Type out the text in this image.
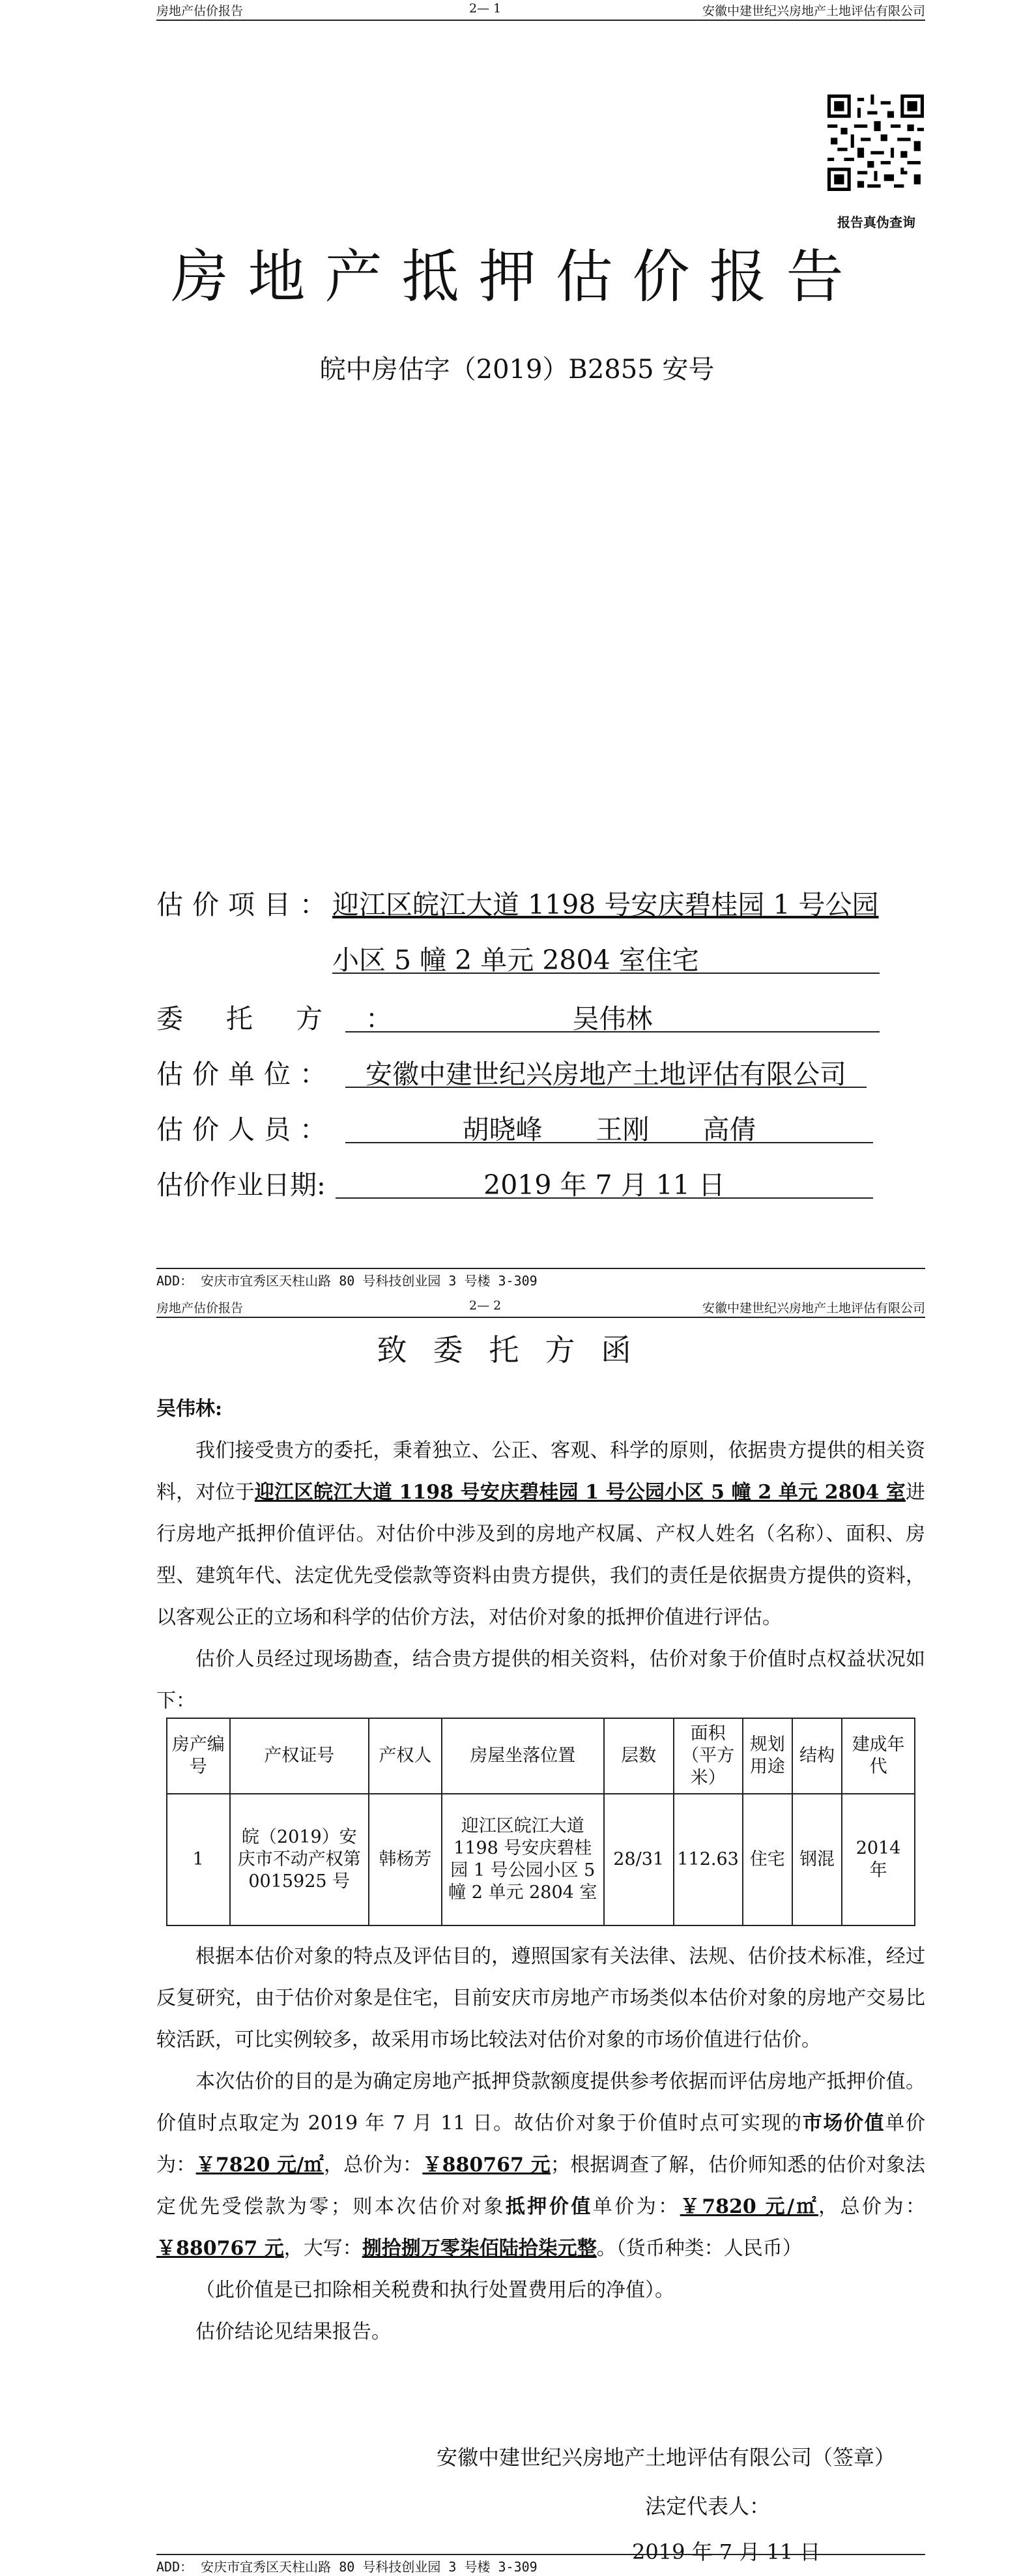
房地产估价报告	2— 1	安徽中建世纪兴房地产土地评估有限公司
报告真伪查询
房地产抵押估价报告
皖中房估字（2019）B2855 安号
估价项目：
迎江区皖江大道 1198 号安庆碧桂园 1 号公园
小区 5 幢 2 单元 2804 室住宅
委托方：	吴伟林
估价单位：	安徽中建世纪兴房地产土地评估有限公司
估价人员：	胡晓峰　　王刚　　高倩
估价作业日期:	2019 年 7 月 11 日
ADD： 安庆市宜秀区天柱山路 80 号科技创业园 3 号楼 3-309
房地产估价报告	2— 2	安徽中建世纪兴房地产土地评估有限公司
致委托方函
吴伟林:

我们接受贵方的委托，秉着独立、公正、客观、科学的原则，依据贵方提供的相关资料，对位于迎江区皖江大道 1198 号安庆碧桂园 1 号公园小区 5 幢 2 单元 2804 室进行房地产抵押价值评估。对估价中涉及到的房地产权属、产权人姓名（名称）、面积、房型、建筑年代、法定优先受偿款等资料由贵方提供，我们的责任是依据贵方提供的资料，以客观公正的立场和科学的估价方法，对估价对象的抵押价值进行评估。

估价人员经过现场勘查，结合贵方提供的相关资料，估价对象于价值时点权益状况如下：

房产编号	产权证号	产权人	房屋坐落位置	层数	面积（平方米）	规划用途	结构	建成年代
1	皖（2019）安庆市不动产权第 0015925 号	韩杨芳	迎江区皖江大道 1198 号安庆碧桂园 1 号公园小区 5 幢 2 单元 2804 室	28/31	112.63	住宅	钢混	2014 年

根据本估价对象的特点及评估目的，遵照国家有关法律、法规、估价技术标准，经过反复研究，由于估价对象是住宅，目前安庆市房地产市场类似本估价对象的房地产交易比较活跃，可比实例较多，故采用市场比较法对估价对象的市场价值进行估价。

本次估价的目的是为确定房地产抵押贷款额度提供参考依据而评估房地产抵押价值。价值时点取定为 2019 年 7 月 11 日。故估价对象于价值时点可实现的市场价值单价为：￥7820 元/㎡，总价为：￥880767 元；根据调查了解，估价师知悉的估价对象法定优先受偿款为零；则本次估价对象抵押价值单价为：￥7820 元/㎡，总价为：￥880767 元，大写：捌拾捌万零柒佰陆拾柒元整。（货币种类：人民币）

（此价值是已扣除相关税费和执行处置费用后的净值）。

估价结论见结果报告。

安徽中建世纪兴房地产土地评估有限公司（签章）
法定代表人：
2019 年 7 月 11 日
ADD： 安庆市宜秀区天柱山路 80 号科技创业园 3 号楼 3-309
